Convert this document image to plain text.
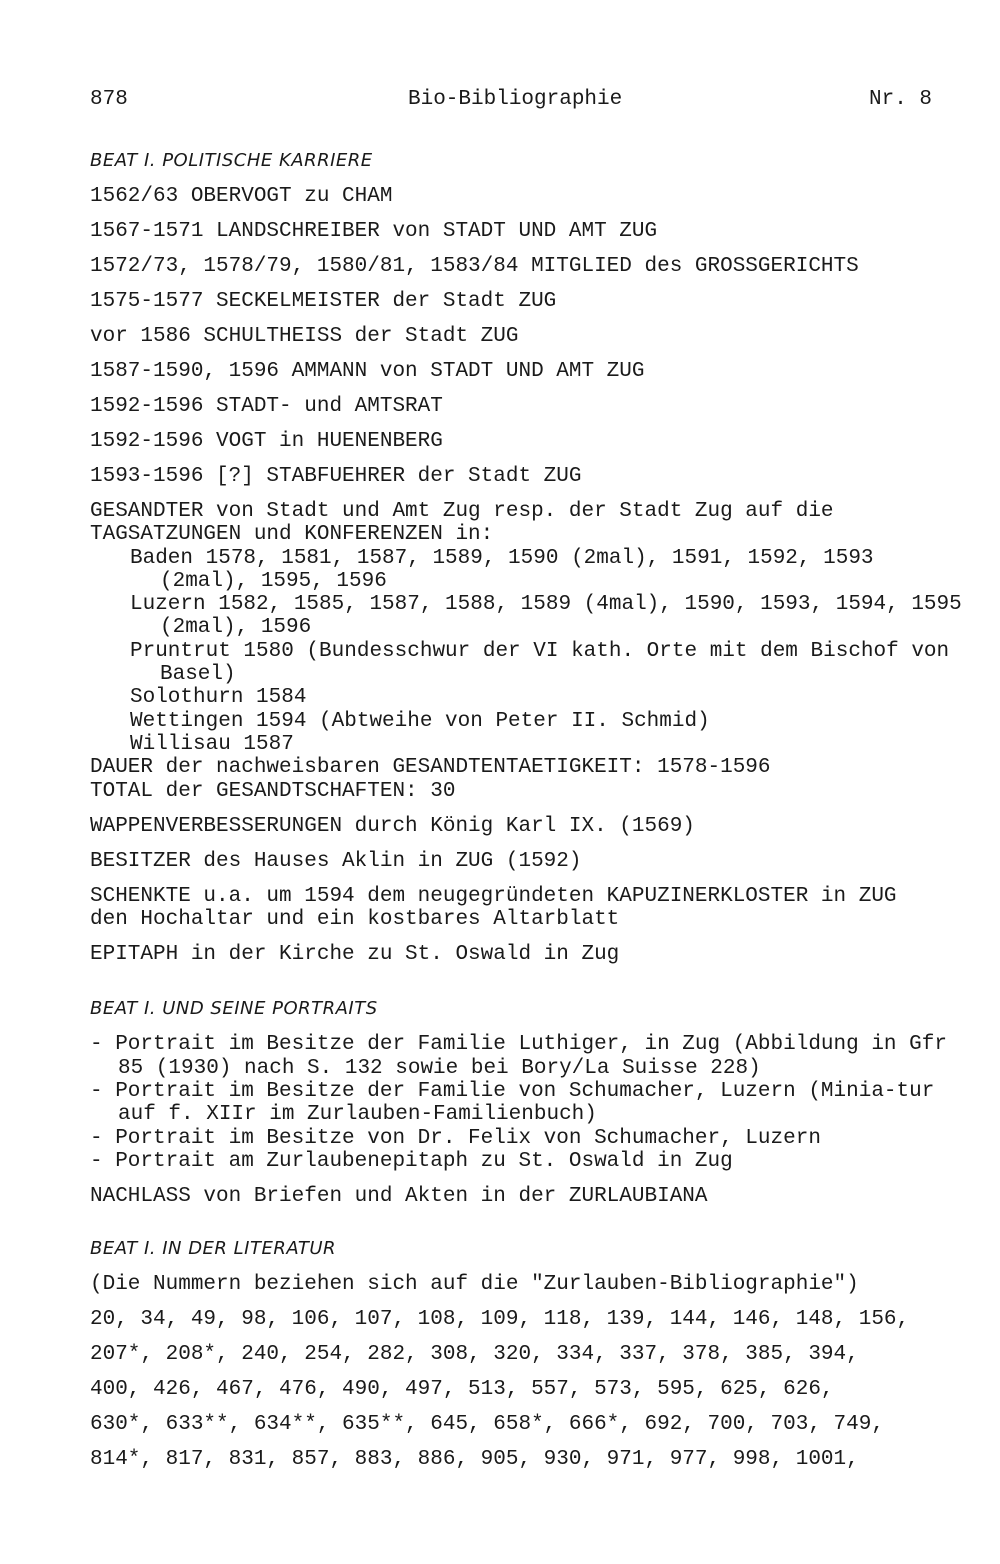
878	Bio-Bibliographie	Nr. 8
BEAT I. POLITISCHE KARRIERE
1562/63 OBERVOGT zu CHAM
1567-1571 LANDSCHREIBER von STADT UND AMT ZUG
1572/73, 1578/79, 1580/81, 1583/84 MITGLIED des GROSSGERICHTS
1575-1577 SECKELMEISTER der Stadt ZUG
vor 1586 SCHULTHEISS der Stadt ZUG
1587-1590, 1596 AMMANN von STADT UND AMT ZUG
1592-1596 STADT- und AMTSRAT
1592-1596 VOGT in HUENENBERG
1593-1596 [?] STABFUEHRER der Stadt ZUG
GESANDTER von Stadt und Amt Zug resp. der Stadt Zug auf die
TAGSATZUNGEN und KONFERENZEN in:
Baden 1578, 1581, 1587, 1589, 1590 (2mal), 1591, 1592, 1593 (2mal), 1595, 1596
Luzern 1582, 1585, 1587, 1588, 1589 (4mal), 1590, 1593, 1594, 1595 (2mal), 1596
Pruntrut 1580 (Bundesschwur der VI kath. Orte mit dem Bischof von Basel)
Solothurn 1584
Wettingen 1594 (Abtweihe von Peter II. Schmid)
Willisau 1587
DAUER der nachweisbaren GESANDTENTAETIGKEIT: 1578-1596
TOTAL der GESANDTSCHAFTEN: 30
WAPPENVERBESSERUNGEN durch König Karl IX. (1569)
BESITZER des Hauses Aklin in ZUG (1592)
SCHENKTE u.a. um 1594 dem neugegründeten KAPUZINERKLOSTER in ZUG
den Hochaltar und ein kostbares Altarblatt
EPITAPH in der Kirche zu St. Oswald in Zug
BEAT I. UND SEINE PORTRAITS
- Portrait im Besitze der Familie Luthiger, in Zug (Abbildung in Gfr 85 (1930) nach S. 132 sowie bei Bory/La Suisse 228)
- Portrait im Besitze der Familie von Schumacher, Luzern (Minia-tur auf f. XIIr im Zurlauben-Familienbuch)
- Portrait im Besitze von Dr. Felix von Schumacher, Luzern
- Portrait am Zurlaubenepitaph zu St. Oswald in Zug
NACHLASS von Briefen und Akten in der ZURLAUBIANA
BEAT I. IN DER LITERATUR
(Die Nummern beziehen sich auf die "Zurlauben-Bibliographie")
20, 34, 49, 98, 106, 107, 108, 109, 118, 139, 144, 146, 148, 156,
207*, 208*, 240, 254, 282, 308, 320, 334, 337, 378, 385, 394,
400, 426, 467, 476, 490, 497, 513, 557, 573, 595, 625, 626,
630*, 633**, 634**, 635**, 645, 658*, 666*, 692, 700, 703, 749,
814*, 817, 831, 857, 883, 886, 905, 930, 971, 977, 998, 1001,
